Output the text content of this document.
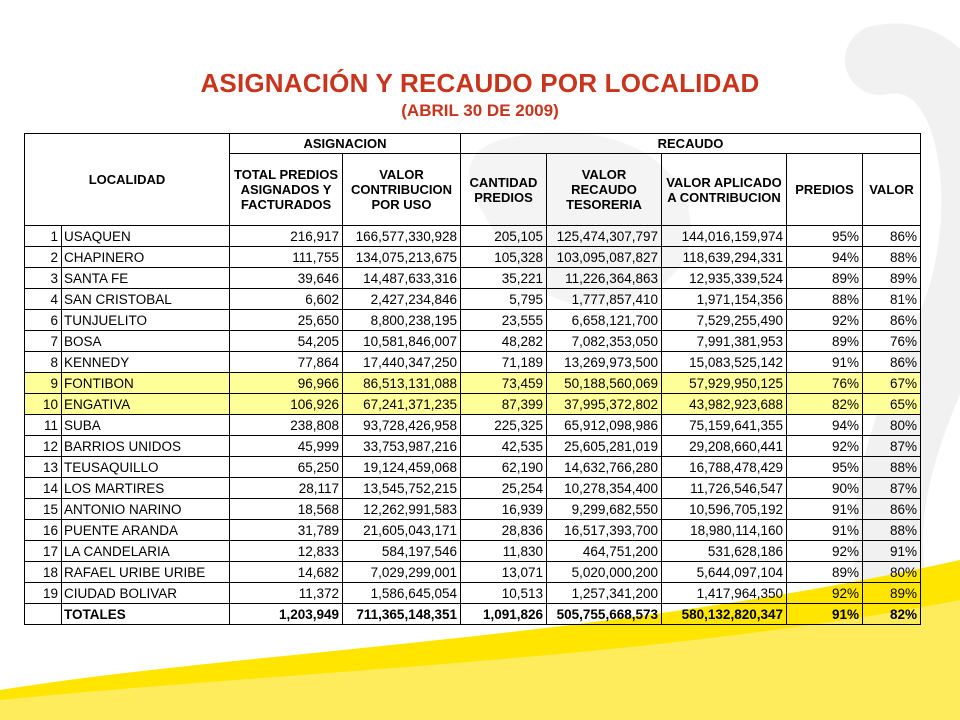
ASIGNACIÓN Y RECAUDO POR LOCALIDAD
(ABRIL 30 DE 2009)
LOCALIDAD		ASIGNACION		RECAUDO				
		TOTAL PREDIOS ASIGNADOS Y FACTURADOS	VALOR CONTRIBUCION POR USO	CANTIDAD PREDIOS	VALOR RECAUDO TESORERIA	VALOR APLICADO A CONTRIBUCION	PREDIOS	VALOR
1	USAQUEN	216,917	166,577,330,928	205,105	125,474,307,797	144,016,159,974	95%	86%
2	CHAPINERO	111,755	134,075,213,675	105,328	103,095,087,827	118,639,294,331	94%	88%
3	SANTA FE	39,646	14,487,633,316	35,221	11,226,364,863	12,935,339,524	89%	89%
4	SAN CRISTOBAL	6,602	2,427,234,846	5,795	1,777,857,410	1,971,154,356	88%	81%
6	TUNJUELITO	25,650	8,800,238,195	23,555	6,658,121,700	7,529,255,490	92%	86%
7	BOSA	54,205	10,581,846,007	48,282	7,082,353,050	7,991,381,953	89%	76%
8	KENNEDY	77,864	17,440,347,250	71,189	13,269,973,500	15,083,525,142	91%	86%
9	FONTIBON	96,966	86,513,131,088	73,459	50,188,560,069	57,929,950,125	76%	67%
10	ENGATIVA	106,926	67,241,371,235	87,399	37,995,372,802	43,982,923,688	82%	65%
11	SUBA	238,808	93,728,426,958	225,325	65,912,098,986	75,159,641,355	94%	80%
12	BARRIOS UNIDOS	45,999	33,753,987,216	42,535	25,605,281,019	29,208,660,441	92%	87%
13	TEUSAQUILLO	65,250	19,124,459,068	62,190	14,632,766,280	16,788,478,429	95%	88%
14	LOS MARTIRES	28,117	13,545,752,215	25,254	10,278,354,400	11,726,546,547	90%	87%
15	ANTONIO NARINO	18,568	12,262,991,583	16,939	9,299,682,550	10,596,705,192	91%	86%
16	PUENTE ARANDA	31,789	21,605,043,171	28,836	16,517,393,700	18,980,114,160	91%	88%
17	LA CANDELARIA	12,833	584,197,546	11,830	464,751,200	531,628,186	92%	91%
18	RAFAEL URIBE URIBE	14,682	7,029,299,001	13,071	5,020,000,200	5,644,097,104	89%	80%
19	CIUDAD BOLIVAR	11,372	1,586,645,054	10,513	1,257,341,200	1,417,964,350	92%	89%
	TOTALES	1,203,949	711,365,148,351	1,091,826	505,755,668,573	580,132,820,347	91%	82%
